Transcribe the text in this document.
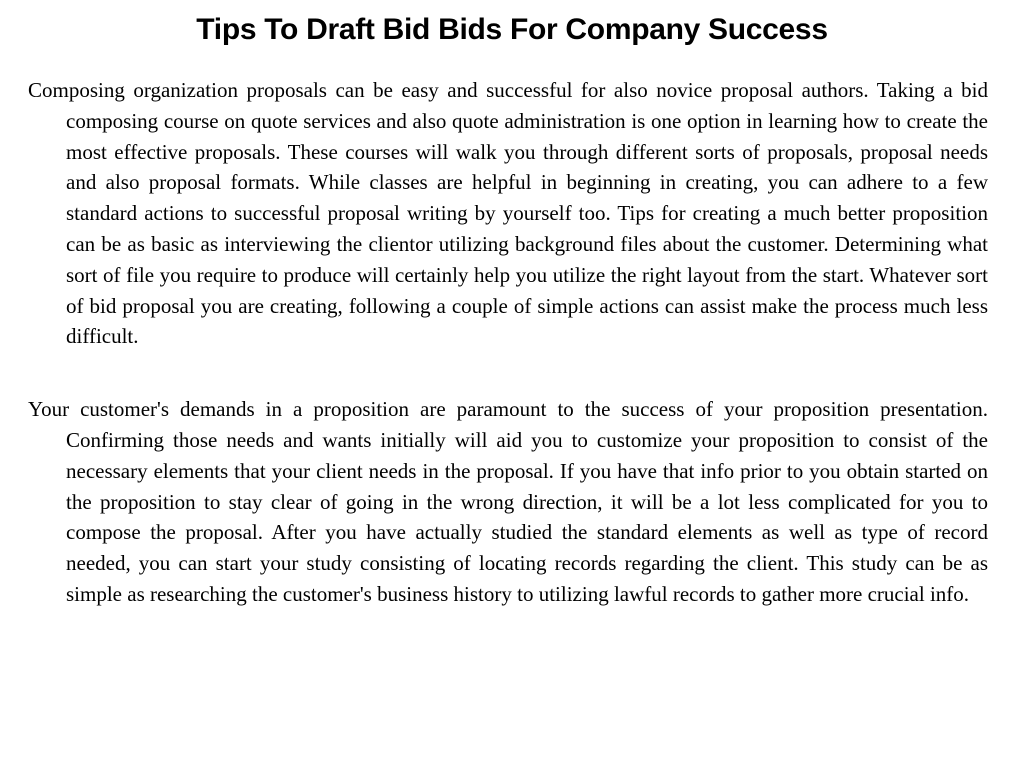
Tips To Draft Bid Bids For Company Success

Composing organization proposals can be easy and successful for also novice proposal authors. Taking a bid composing course on quote services and also quote administration is one option in learning how to create the most effective proposals. These courses will walk you through different sorts of proposals, proposal needs and also proposal formats. While classes are helpful in beginning in creating, you can adhere to a few standard actions to successful proposal writing by yourself too. Tips for creating a much better proposition can be as basic as interviewing the clientor utilizing background files about the customer. Determining what sort of file you require to produce will certainly help you utilize the right layout from the start. Whatever sort of bid proposal you are creating, following a couple of simple actions can assist make the process much less difficult.

Your customer's demands in a proposition are paramount to the success of your proposition presentation. Confirming those needs and wants initially will aid you to customize your proposition to consist of the necessary elements that your client needs in the proposal. If you have that info prior to you obtain started on the proposition to stay clear of going in the wrong direction, it will be a lot less complicated for you to compose the proposal. After you have actually studied the standard elements as well as type of record needed, you can start your study consisting of locating records regarding the client. This study can be as simple as researching the customer's business history to utilizing lawful records to gather more crucial info.
